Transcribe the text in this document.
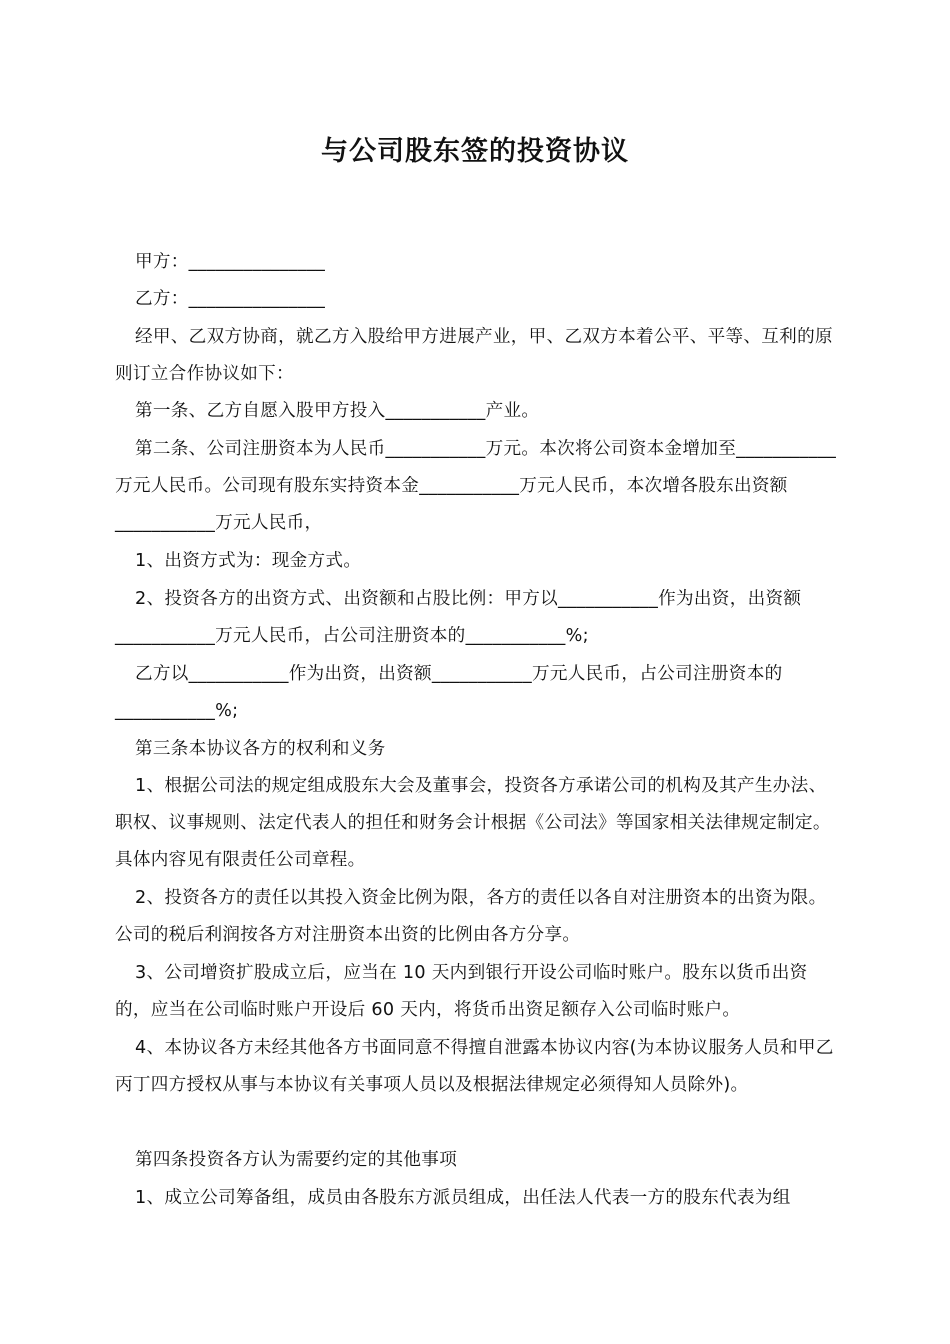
与公司股东签的投资协议
甲方：_______________
乙方：_______________
经甲、乙双方协商，就乙方入股给甲方进展产业，甲、乙双方本着公平、平等、互利的原则订立合作协议如下：
第一条、乙方自愿入股甲方投入___________产业。
第二条、公司注册资本为人民币___________万元。本次将公司资本金增加至___________万元人民币。公司现有股东实持资本金___________万元人民币，本次增各股东出资额___________万元人民币，
1、出资方式为：现金方式。
2、投资各方的出资方式、出资额和占股比例：甲方以___________作为出资，出资额___________万元人民币，占公司注册资本的___________%;
乙方以___________作为出资，出资额___________万元人民币，占公司注册资本的___________%;
第三条本协议各方的权利和义务
1、根据公司法的规定组成股东大会及董事会，投资各方承诺公司的机构及其产生办法、职权、议事规则、法定代表人的担任和财务会计根据《公司法》等国家相关法律规定制定。具体内容见有限责任公司章程。
2、投资各方的责任以其投入资金比例为限，各方的责任以各自对注册资本的出资为限。公司的税后利润按各方对注册资本出资的比例由各方分享。
3、公司增资扩股成立后，应当在 10 天内到银行开设公司临时账户。股东以货币出资的，应当在公司临时账户开设后 60 天内，将货币出资足额存入公司临时账户。
4、本协议各方未经其他各方书面同意不得擅自泄露本协议内容(为本协议服务人员和甲乙丙丁四方授权从事与本协议有关事项人员以及根据法律规定必须得知人员除外)。
第四条投资各方认为需要约定的其他事项
1、成立公司筹备组，成员由各股东方派员组成，出任法人代表一方的股东代表为组
